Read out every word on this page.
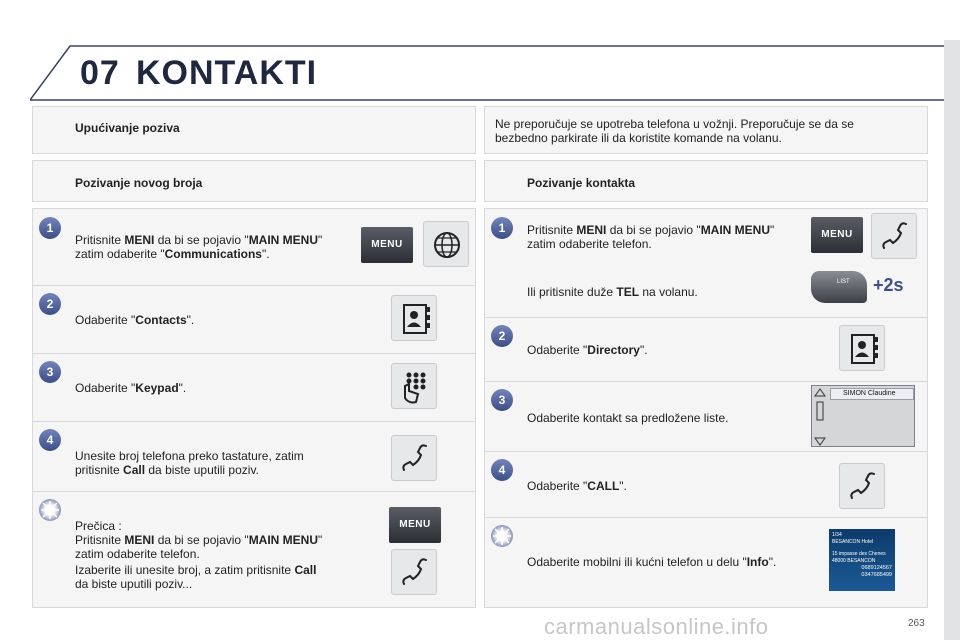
07 KONTAKTI
Upućivanje poziva
Pozivanje novog broja
1
Pritisnite MENI da bi se pojavio "MAIN MENU"
zatim odaberite "Communications".
MENU
2
Odaberite "Contacts".
3
Odaberite "Keypad".
4
Unesite broj telefona preko tastature, zatim
pritisnite Call da biste uputili poziv.
Prečica :
Pritisnite MENI da bi se pojavio "MAIN MENU"
zatim odaberite telefon.
Izaberite ili unesite broj, a zatim pritisnite Call
da biste uputili poziv...
MENU
Ne preporučuje se upotreba telefona u vožnji. Preporučuje se da se
bezbedno parkirate ili da koristite komande na volanu.
Pozivanje kontakta
1	Pritisnite MENI da bi se pojavio "MAIN MENU"
zatim odaberite telefon.
Ili pritisnite duže TEL na volanu.
MENU
LIST	+2s
2
Odaberite "Directory".
3
Odaberite kontakt sa predložene liste.
SIMON Claudine
4
Odaberite "CALL".
Odaberite mobilni ili kućni telefon u delu "Info".
1/34
BESANCON Hotel
15 impasse des Chenes
48000 BESANCON
0689124567
0347685499
carmanualsonline.info	263
